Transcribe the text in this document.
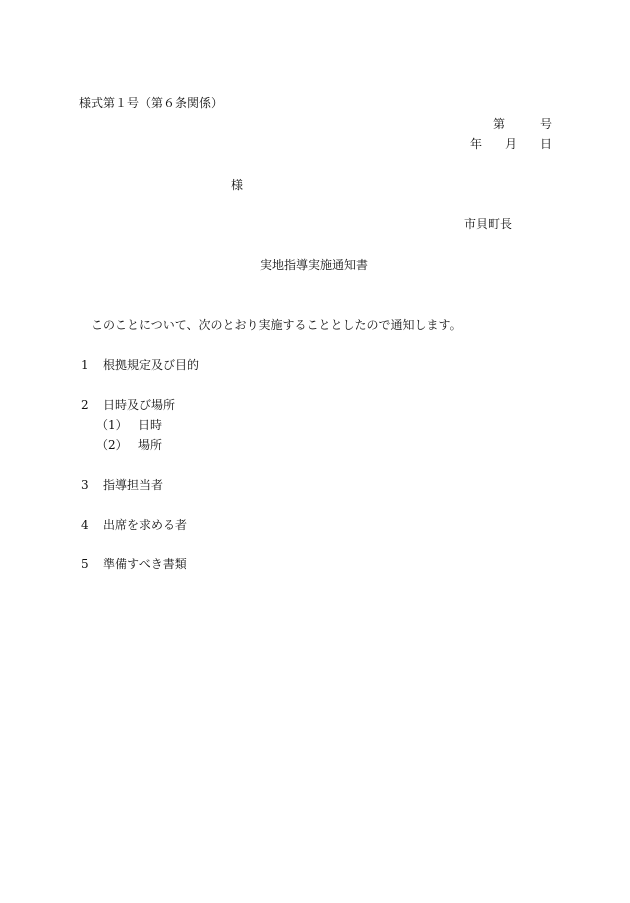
様式第１号（第６条関係）
第	号
年 月 日
様
市貝町長
実地指導実施通知書
このことについて、次のとおり実施することとしたので通知します。
1 根拠規定及び目的
2 日時及び場所
（1） 日時
（2） 場所
3 指導担当者
4 出席を求める者
5 準備すべき書類
